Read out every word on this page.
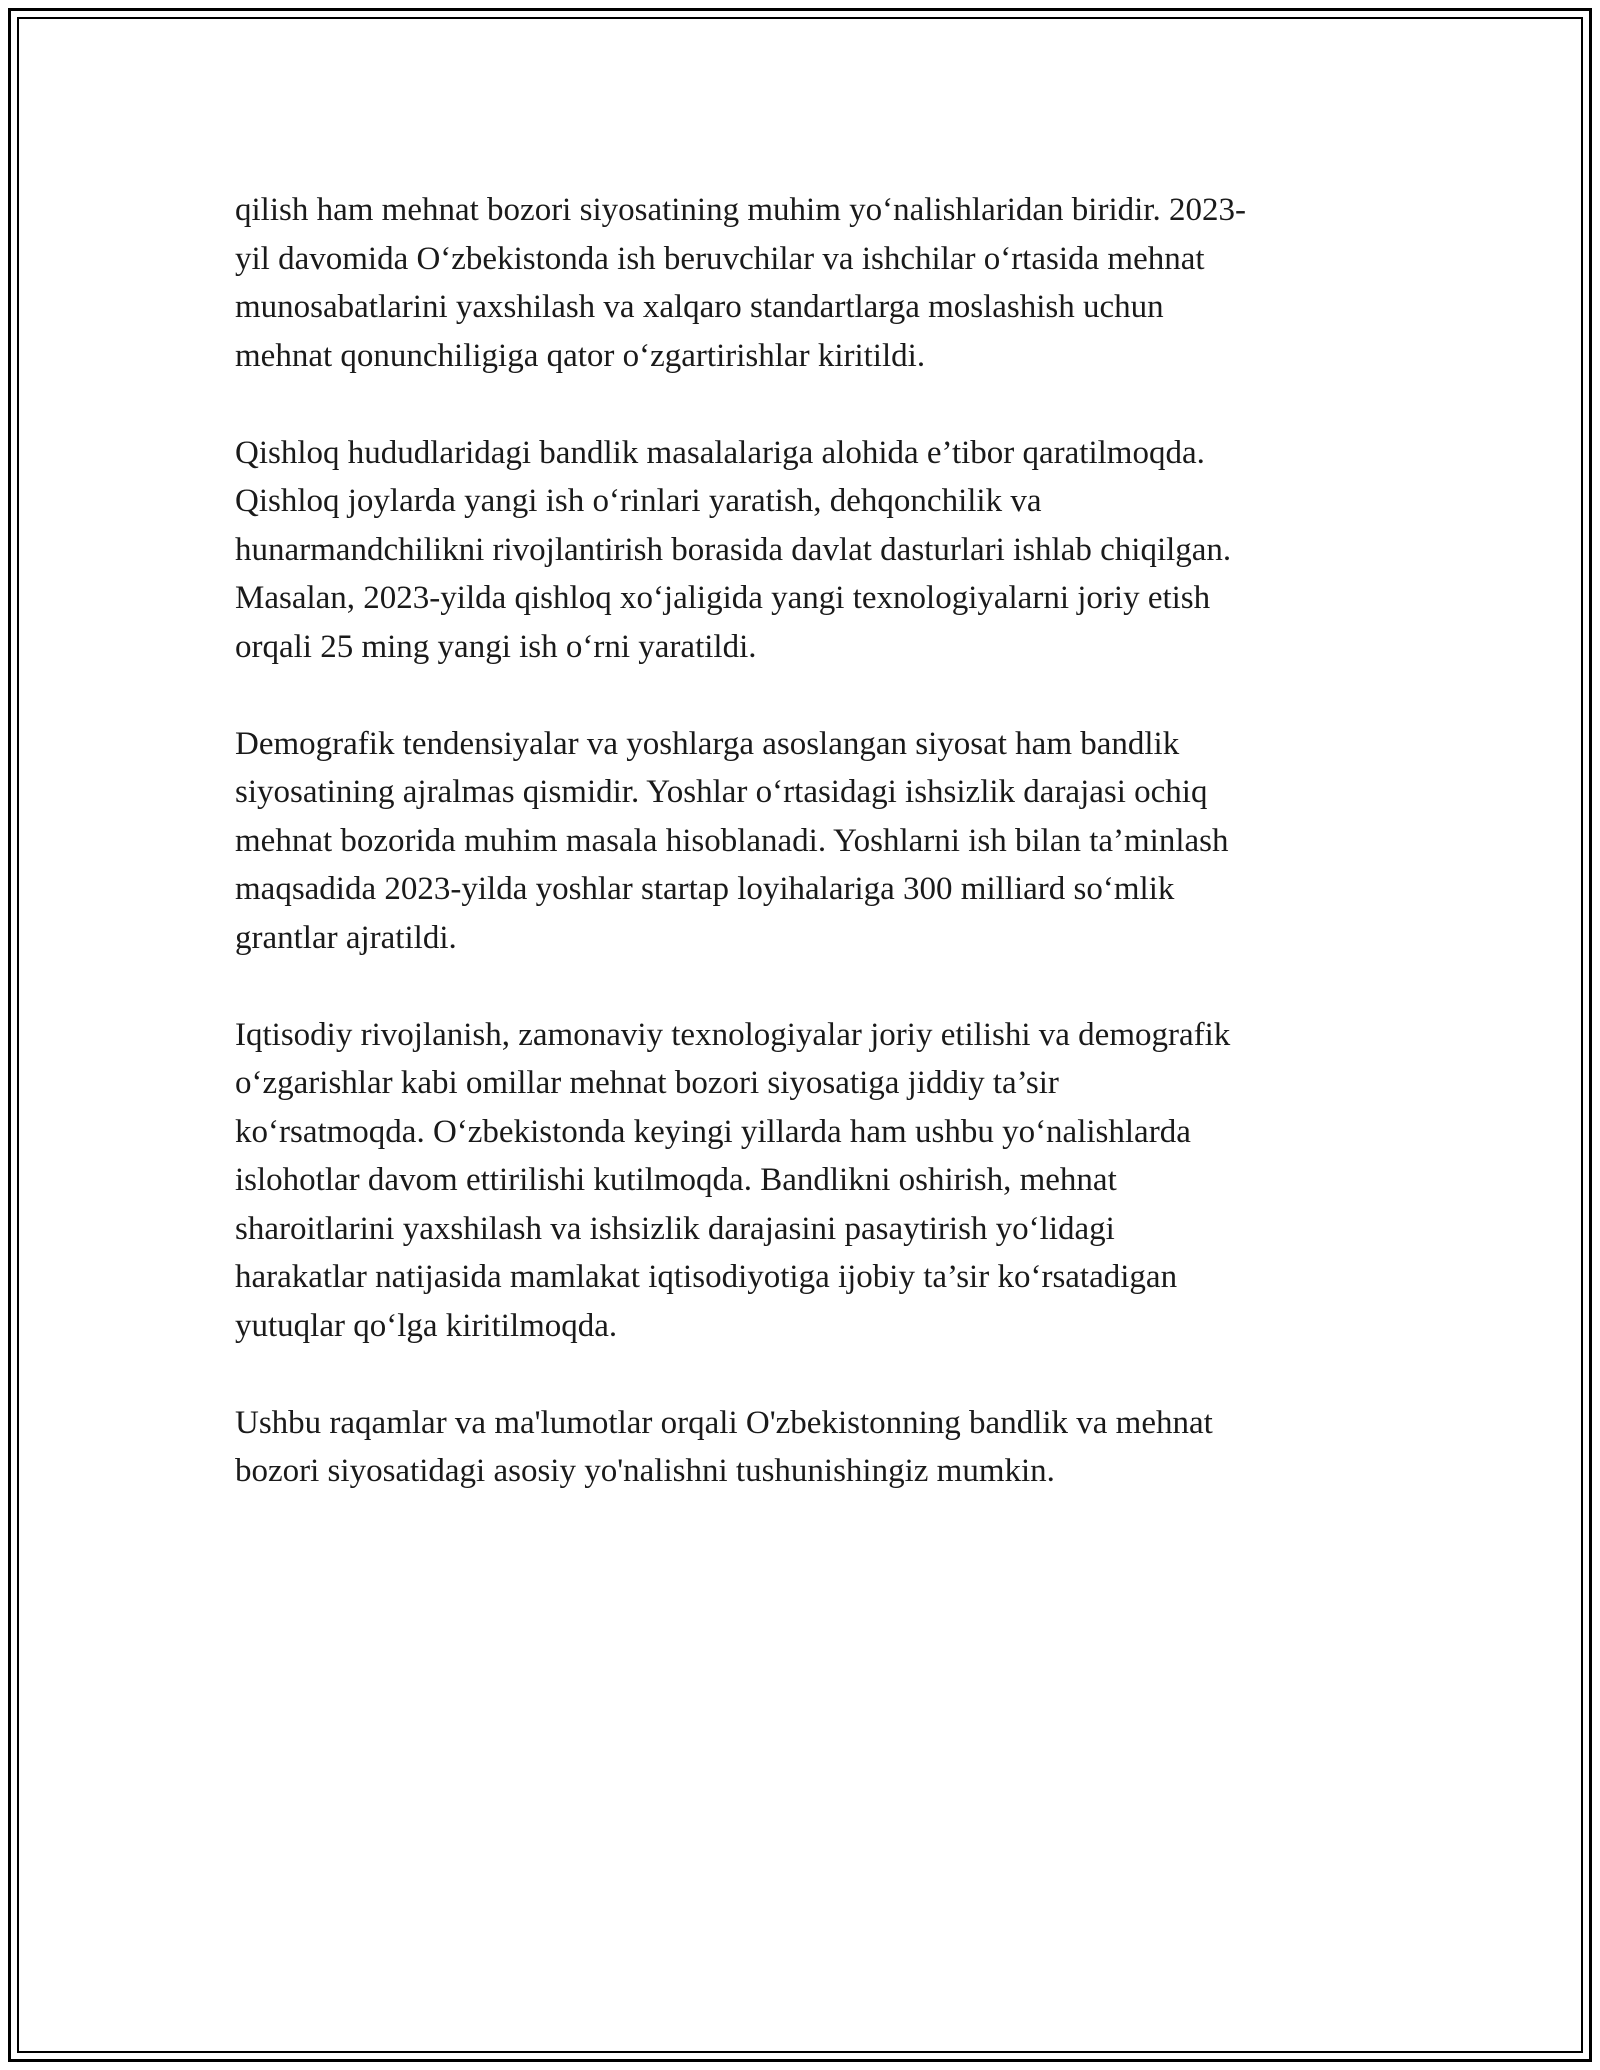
qilish ham mehnat bozori siyosatining muhim yo‘nalishlaridan biridir. 2023-
yil davomida O‘zbekistonda ish beruvchilar va ishchilar o‘rtasida mehnat
munosabatlarini yaxshilash va xalqaro standartlarga moslashish uchun
mehnat qonunchiligiga qator o‘zgartirishlar kiritildi.

Qishloq hududlaridagi bandlik masalalariga alohida e’tibor qaratilmoqda.
Qishloq joylarda yangi ish o‘rinlari yaratish, dehqonchilik va
hunarmandchilikni rivojlantirish borasida davlat dasturlari ishlab chiqilgan.
Masalan, 2023-yilda qishloq xo‘jaligida yangi texnologiyalarni joriy etish
orqali 25 ming yangi ish o‘rni yaratildi.

Demografik tendensiyalar va yoshlarga asoslangan siyosat ham bandlik
siyosatining ajralmas qismidir. Yoshlar o‘rtasidagi ishsizlik darajasi ochiq
mehnat bozorida muhim masala hisoblanadi. Yoshlarni ish bilan ta’minlash
maqsadida 2023-yilda yoshlar startap loyihalariga 300 milliard so‘mlik
grantlar ajratildi.

Iqtisodiy rivojlanish, zamonaviy texnologiyalar joriy etilishi va demografik
o‘zgarishlar kabi omillar mehnat bozori siyosatiga jiddiy ta’sir
ko‘rsatmoqda. O‘zbekistonda keyingi yillarda ham ushbu yo‘nalishlarda
islohotlar davom ettirilishi kutilmoqda. Bandlikni oshirish, mehnat
sharoitlarini yaxshilash va ishsizlik darajasini pasaytirish yo‘lidagi
harakatlar natijasida mamlakat iqtisodiyotiga ijobiy ta’sir ko‘rsatadigan
yutuqlar qo‘lga kiritilmoqda.

Ushbu raqamlar va ma'lumotlar orqali O'zbekistonning bandlik va mehnat
bozori siyosatidagi asosiy yo'nalishni tushunishingiz mumkin.
